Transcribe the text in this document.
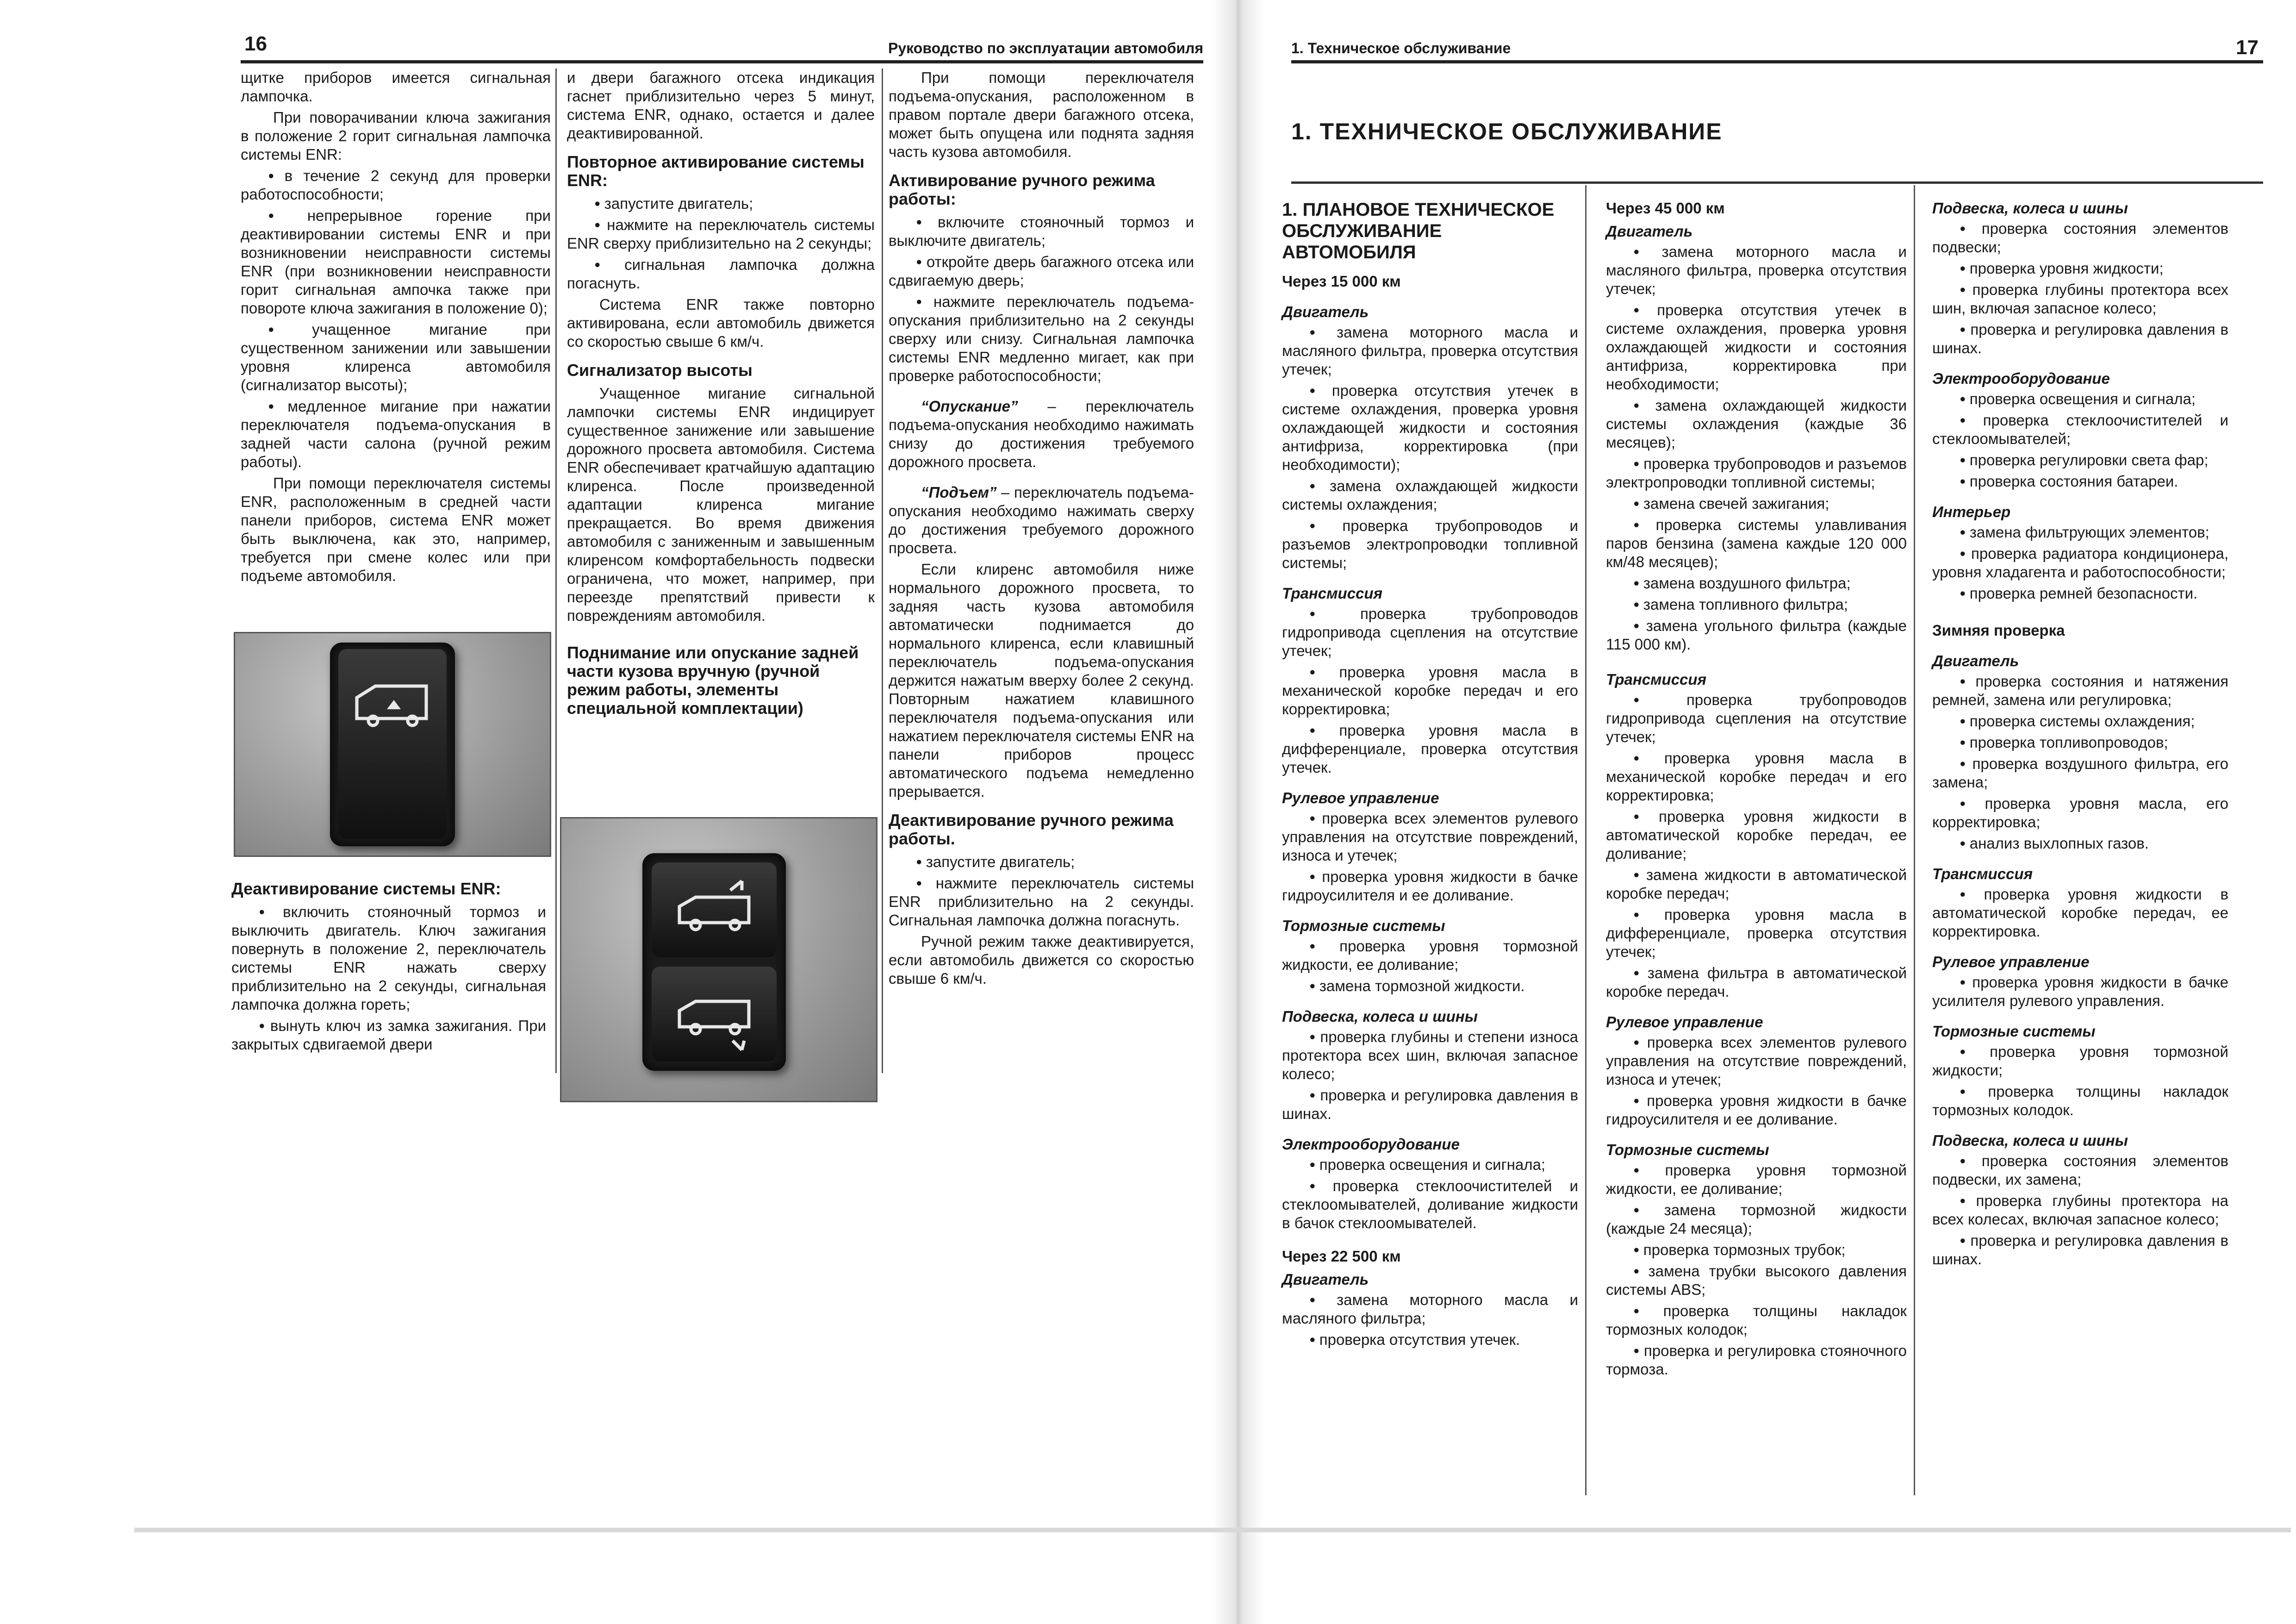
16	Руководство по эксплуатации автомобиля

щитке приборов имеется сигнальная лампочка.

При поворачивании ключа зажигания в положение 2 горит сигнальная лампочка системы ENR:

• в течение 2 секунд для проверки работоспособности;

• непрерывное горение при деактивировании системы ENR и при возникновении неисправности системы ENR (при возникновении неисправности горит сигнальная ампочка также при повороте ключа зажигания в положение 0);

•	учащенное мигание при существенном занижении или завышении уровня клиренса автомобиля (сигнализатор высоты);

• медленное мигание при нажатии переключателя подъема-опускания в задней части салона (ручной режим работы).

При помощи переключателя системы ENR, расположенным в средней части панели приборов, система ENR может быть выключена, как это, например, требуется при смене колес или при подъеме автомобиля.

Деактивирование системы ENR:

• включить стояночный тормоз и выключить двигатель. Ключ зажигания повернуть в положение 2, переключатель системы ENR нажать сверху приблизительно на 2 секунды, сигнальная лампочка должна гореть;

• вынуть ключ из замка зажигания. При закрытых сдвигаемой двери

и двери багажного отсека индикация гаснет приблизительно через 5 минут, система ENR, однако, остается и далее деактивированной.

Повторное активирование системы ENR:

• запустите двигатель;

• нажмите на переключатель системы ENR сверху приблизительно на 2 секунды;

• сигнальная лампочка должна погаснуть.

Система ENR также повторно активирована, если автомобиль движется со скоростью свыше 6 км/ч.

Сигнализатор высоты

Учащенное мигание сигнальной лампочки системы ENR индицирует существенное занижение или завышение дорожного просвета автомобиля. Система ENR обеспечивает кратчайшую адаптацию клиренса. После произведенной адаптации клиренса мигание прекращается. Во время движения автомобиля с заниженным и завышенным клиренсом комфортабельность подвески ограничена, что может, например, при переезде препятствий привести к повреждениям автомобиля.

Поднимание или опускание задней части кузова вручную (ручной режим работы, элементы специальной комплектации)

При помощи переключателя подъема-опускания, расположенном в правом портале двери багажного отсека, может быть опущена или поднята задняя часть кузова автомобиля.

Активирование ручного режима работы:

• включите стояночный тормоз и выключите двигатель;

• откройте дверь багажного отсека или сдвигаемую дверь;

• нажмите переключатель подъема-опускания приблизительно на 2 секунды сверху или снизу. Сигнальная лампочка системы ENR медленно мигает, как при проверке работоспособности;

“Опускание” – переключатель подъема-опускания необходимо нажимать снизу до достижения требуемого дорожного просвета.

“Подъем” – переключатель подъема-опускания необходимо нажимать сверху до достижения требуемого дорожного просвета.

Если клиренс автомобиля ниже нормального дорожного просвета, то задняя часть кузова автомобиля автоматически поднимается до нормального клиренса, если клавишный переключатель подъема-опускания держится нажатым вверху более 2 секунд. Повторным нажатием клавишного переключателя подъема-опускания или нажатием переключателя системы ENR на панели приборов процесс автоматического подъема немедленно прерывается.

Деактивирование ручного режима работы.

• запустите двигатель;

• нажмите переключатель системы ENR приблизительно на 2 секунды. Сигнальная лампочка должна погаснуть.

Ручной режим также деактивируется, если автомобиль движется со скоростью свыше 6 км/ч.

1. Техническое обслуживание	17
1. ТЕХНИЧЕСКОЕ ОБСЛУЖИВАНИЕ
1. ПЛАНОВОЕ ТЕХНИЧЕСКОЕ ОБСЛУЖИВАНИЕ АВТОМОБИЛЯ
Через 15 000 км
Двигатель

• замена моторного масла и масляного фильтра, проверка отсутствия утечек;

• проверка отсутствия утечек в системе охлаждения, проверка уровня охлаждающей жидкости и состояния антифриза, корректировка (при необходимости);

• замена охлаждающей жидкости системы охлаждения;

• проверка трубопроводов и разъемов электропроводки топливной системы;

Трансмиссия

•	проверка трубопроводов гидропривода сцепления на отсутствие утечек;

• проверка уровня масла в механической коробке передач и его корректировка;

• проверка уровня масла в дифференциале, проверка отсутствия утечек.

Рулевое управление

• проверка всех элементов рулевого управления на отсутствие повреждений, износа и утечек;

• проверка уровня жидкости в бачке гидроусилителя и ее доливание.

Тормозные системы

• проверка уровня тормозной жидкости, ее доливание;

• замена тормозной жидкости.

Подвеска, колеса и шины

• проверка глубины и степени износа протектора всех шин, включая запасное колесо;

• проверка и регулировка давления в шинах.

Электрооборудование

• проверка освещения и сигнала;

• проверка стеклоочистителей и стеклоомывателей, доливание жидкости в бачок стеклоомывателей.

Через 22 500 км
Двигатель

• замена моторного масла и масляного фильтра;

• проверка отсутствия утечек.

Через 45 000 км
Двигатель

• замена моторного масла и масляного фильтра, проверка отсутствия утечек;

• проверка отсутствия утечек в системе охлаждения, проверка уровня охлаждающей жидкости и состояния антифриза, корректировка при необходимости;

• замена охлаждающей жидкости системы охлаждения (каждые 36 месяцев);

• проверка трубопроводов и разъемов электропроводки топливной системы;

• замена свечей зажигания;

• проверка системы улавливания паров бензина (замена каждые 120 000 км/48 месяцев);

• замена воздушного фильтра;

• замена топливного фильтра;

• замена угольного фильтра (каждые 115 000 км).

Трансмиссия

•	проверка трубопроводов гидропривода сцепления на отсутствие утечек;

• проверка уровня масла в механической коробке передач и его корректировка;

• проверка уровня жидкости в автоматической коробке передач, ее доливание;

• замена жидкости в автоматической коробке передач;

• проверка уровня масла в дифференциале, проверка отсутствия утечек;

• замена фильтра в автоматической коробке передач.

Рулевое управление

• проверка всех элементов рулевого управления на отсутствие повреждений, износа и утечек;

• проверка уровня жидкости в бачке гидроусилителя и ее доливание.

Тормозные системы

• проверка уровня тормозной жидкости, ее доливание;

• замена тормозной жидкости (каждые 24 месяца);

• проверка тормозных трубок;

• замена трубки высокого давления системы ABS;

• проверка толщины накладок тормозных колодок;

• проверка и регулировка стояночного тормоза.

Подвеска, колеса и шины

• проверка состояния элементов подвески;

• проверка уровня жидкости;

• проверка глубины протектора всех шин, включая запасное колесо;

• проверка и регулировка давления в шинах.

Электрооборудование

• проверка освещения и сигнала;

• проверка стеклоочистителей и стеклоомывателей;

• проверка регулировки света фар;

• проверка состояния батареи.

Интерьер

• замена фильтрующих элементов;

• проверка радиатора кондиционера, уровня хладагента и работоспособности;

• проверка ремней безопасности.

Зимняя проверка
Двигатель

• проверка состояния и натяжения ремней, замена или регулировка;

• проверка системы охлаждения;

• проверка топливопроводов;

• проверка воздушного фильтра, его замена;

• проверка уровня масла, его корректировка;

• анализ выхлопных газов.

Трансмиссия

• проверка уровня жидкости в автоматической коробке передач, ее корректировка.

Рулевое управление

• проверка уровня жидкости в бачке усилителя рулевого управления.

Тормозные системы

• проверка уровня тормозной жидкости;

• проверка толщины накладок тормозных колодок.

Подвеска, колеса и шины

• проверка состояния элементов подвески, их замена;

• проверка глубины протектора на всех колесах, включая запасное колесо;

• проверка и регулировка давления в шинах.
